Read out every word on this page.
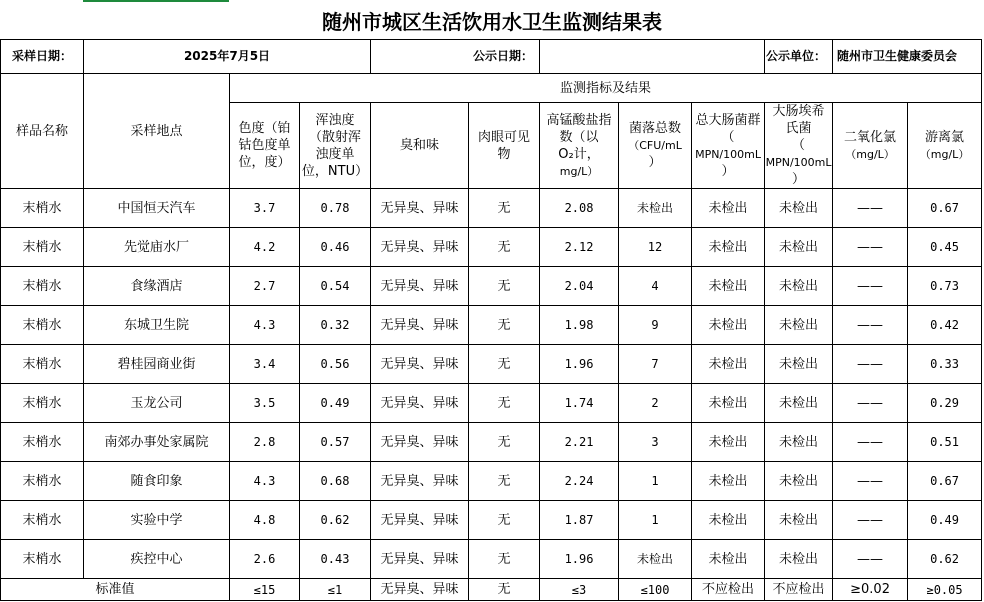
随州市城区生活饮用水卫生监测结果表
采样日期：	2025年7月5日			公示日期：					公示单位：	随州市卫生健康委员会	
样品名称	采样地点	监测指标及结果									
		色度（铂
钴色度单
位，度）	浑浊度
（散射浑
浊度单
位，NTU）	臭和味	肉眼可见
物	高锰酸盐指
数（以
O₂计，
mg/L）	菌落总数
（CFU/mL
）	总大肠菌群
（
MPN/100mL
）	大肠埃希
氏菌
（
MPN/100mL
）	二氧化氯
（mg/L）	游离氯
（mg/L）
末梢水	中国恒天汽车	3.7	0.78	无异臭、异味	无	2.08	未检出	未检出	未检出	——	0.67
末梢水	先觉庙水厂	4.2	0.46	无异臭、异味	无	2.12	12	未检出	未检出	——	0.45
末梢水	食缘酒店	2.7	0.54	无异臭、异味	无	2.04	4	未检出	未检出	——	0.73
末梢水	东城卫生院	4.3	0.32	无异臭、异味	无	1.98	9	未检出	未检出	——	0.42
末梢水	碧桂园商业街	3.4	0.56	无异臭、异味	无	1.96	7	未检出	未检出	——	0.33
末梢水	玉龙公司	3.5	0.49	无异臭、异味	无	1.74	2	未检出	未检出	——	0.29
末梢水	南郊办事处家属院	2.8	0.57	无异臭、异味	无	2.21	3	未检出	未检出	——	0.51
末梢水	随食印象	4.3	0.68	无异臭、异味	无	2.24	1	未检出	未检出	——	0.67
末梢水	实验中学	4.8	0.62	无异臭、异味	无	1.87	1	未检出	未检出	——	0.49
末梢水	疾控中心	2.6	0.43	无异臭、异味	无	1.96	未检出	未检出	未检出	——	0.62
标准值		≤15	≤1	无异臭、异味	无	≤3	≤100	不应检出	不应检出	≥0.02	≥0.05
